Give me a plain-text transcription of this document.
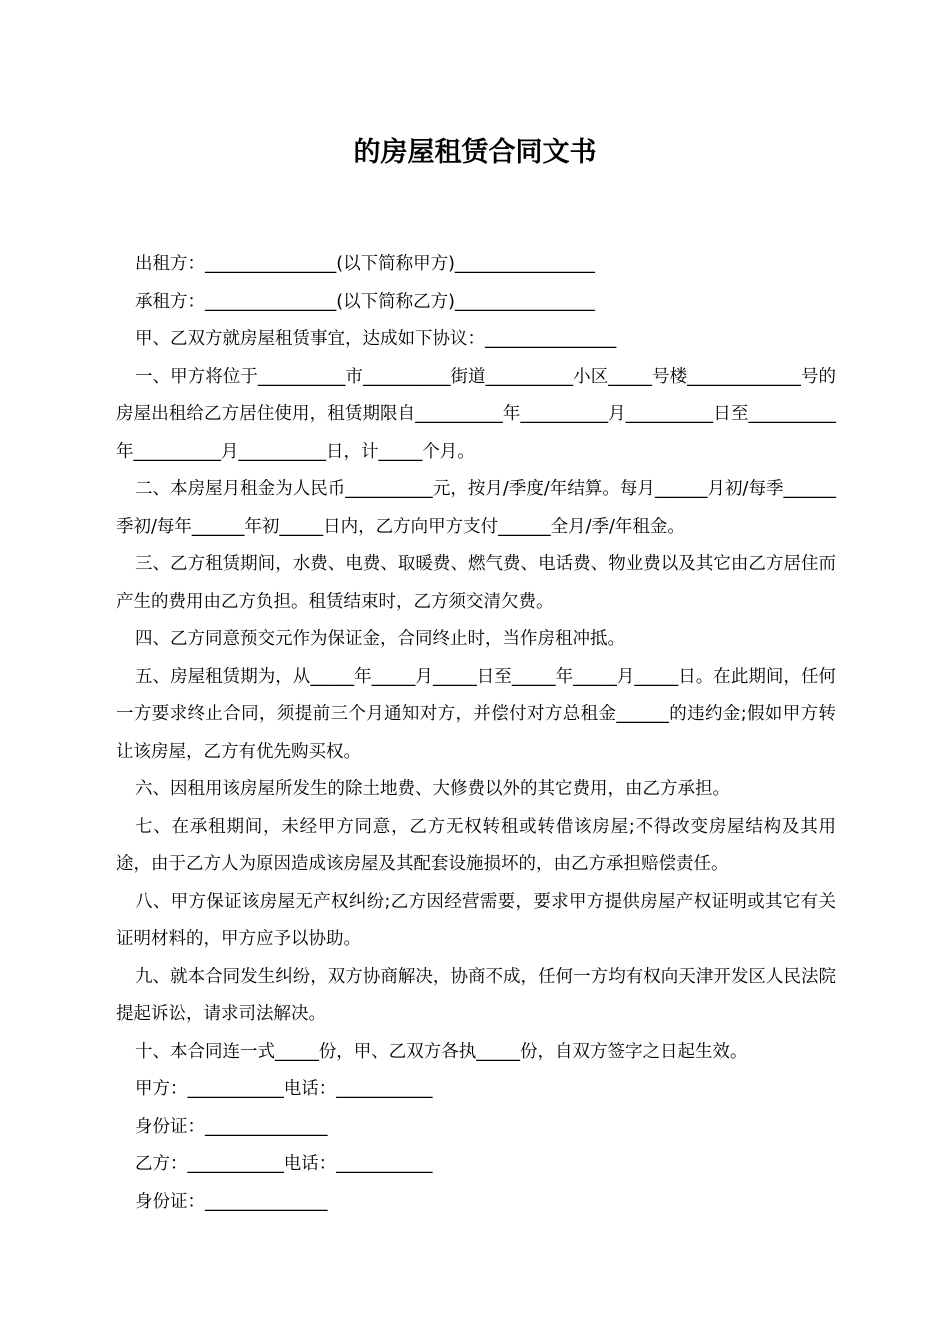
的房屋租赁合同文书

出租方：_______________(以下简称甲方)________________

承租方：_______________(以下简称乙方)________________

甲、乙双方就房屋租赁事宜，达成如下协议：_______________

一、甲方将位于__________市__________街道__________小区_____号楼_____________号的房屋出租给乙方居住使用，租赁期限自__________年__________月__________日至__________年__________月__________日，计_____个月。

二、本房屋月租金为人民币__________元，按月/季度/年结算。每月______月初/每季______季初/每年______年初_____日内，乙方向甲方支付______全月/季/年租金。

三、乙方租赁期间，水费、电费、取暖费、燃气费、电话费、物业费以及其它由乙方居住而产生的费用由乙方负担。租赁结束时，乙方须交清欠费。

四、乙方同意预交元作为保证金，合同终止时，当作房租冲抵。

五、房屋租赁期为，从_____年_____月_____日至_____年_____月_____日。在此期间，任何一方要求终止合同，须提前三个月通知对方，并偿付对方总租金______的违约金;假如甲方转让该房屋，乙方有优先购买权。

六、因租用该房屋所发生的除土地费、大修费以外的其它费用，由乙方承担。

七、在承租期间，未经甲方同意，乙方无权转租或转借该房屋;不得改变房屋结构及其用途，由于乙方人为原因造成该房屋及其配套设施损坏的，由乙方承担赔偿责任。

八、甲方保证该房屋无产权纠纷;乙方因经营需要，要求甲方提供房屋产权证明或其它有关证明材料的，甲方应予以协助。

九、就本合同发生纠纷，双方协商解决，协商不成，任何一方均有权向天津开发区人民法院提起诉讼，请求司法解决。

十、本合同连一式_____份，甲、乙双方各执_____份，自双方签字之日起生效。

甲方：___________电话：___________

身份证：______________

乙方：___________电话：___________

身份证：______________
